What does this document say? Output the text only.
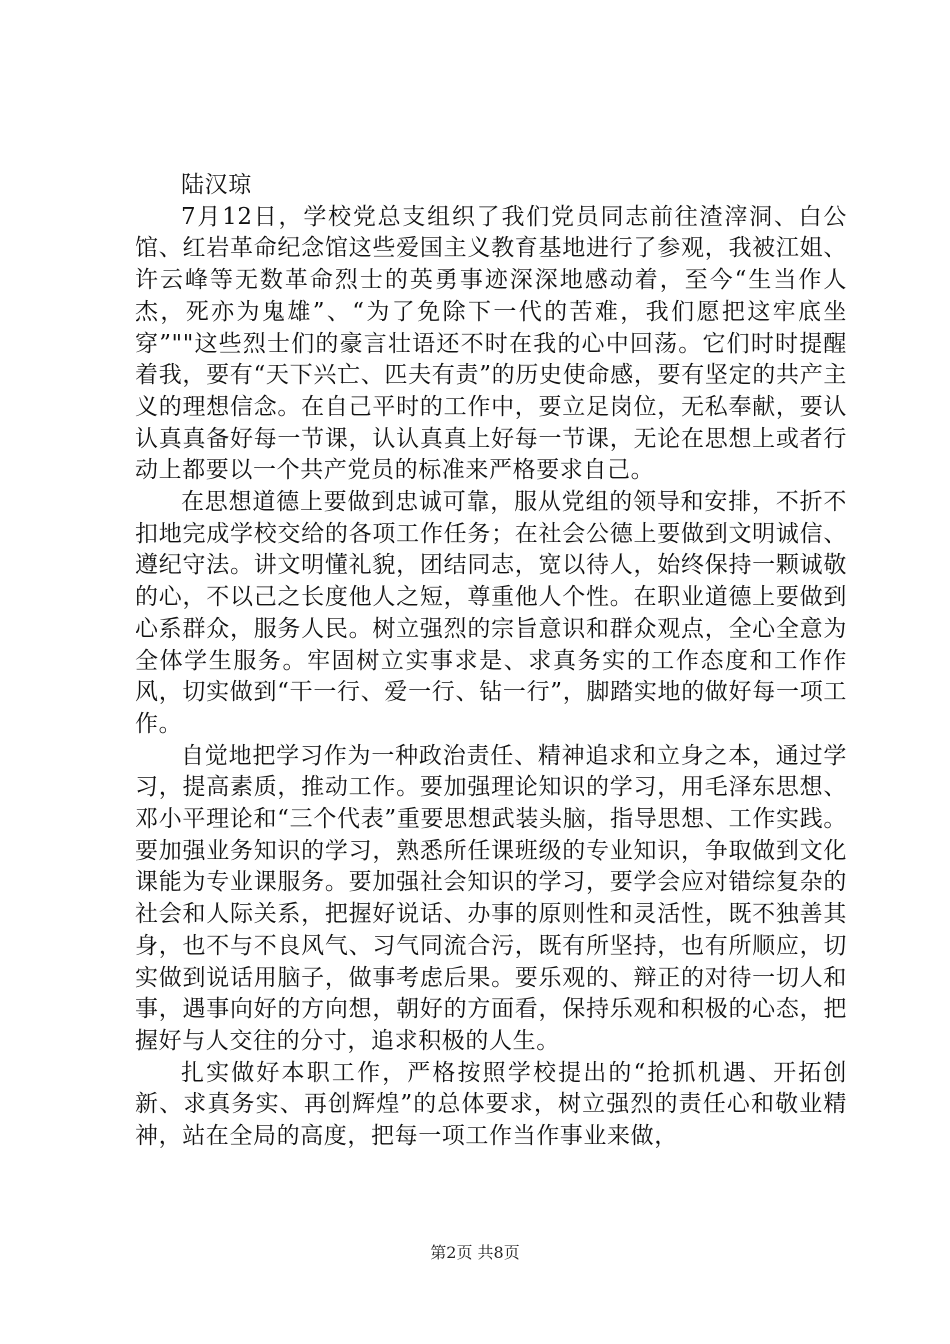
陆汉琼

7月12日，学校党总支组织了我们党员同志前往渣滓洞、白公馆、红岩革命纪念馆这些爱国主义教育基地进行了参观，我被江姐、许云峰等无数革命烈士的英勇事迹深深地感动着，至今“生当作人杰，死亦为鬼雄”、“为了免除下一代的苦难，我们愿把这牢底坐穿”""这些烈士们的豪言壮语还不时在我的心中回荡。它们时时提醒着我，要有“天下兴亡、匹夫有责”的历史使命感，要有坚定的共产主义的理想信念。在自己平时的工作中，要立足岗位，无私奉献，要认认真真备好每一节课，认认真真上好每一节课，无论在思想上或者行动上都要以一个共产党员的标准来严格要求自己。

在思想道德上要做到忠诚可靠，服从党组的领导和安排，不折不扣地完成学校交给的各项工作任务；在社会公德上要做到文明诚信、遵纪守法。讲文明懂礼貌，团结同志，宽以待人，始终保持一颗诚敬的心，不以己之长度他人之短，尊重他人个性。在职业道德上要做到心系群众，服务人民。树立强烈的宗旨意识和群众观点，全心全意为全体学生服务。牢固树立实事求是、求真务实的工作态度和工作作风，切实做到“干一行、爱一行、钻一行”，脚踏实地的做好每一项工作。

自觉地把学习作为一种政治责任、精神追求和立身之本，通过学习，提高素质，推动工作。要加强理论知识的学习，用毛泽东思想、邓小平理论和“三个代表”重要思想武装头脑，指导思想、工作实践。要加强业务知识的学习，熟悉所任课班级的专业知识，争取做到文化课能为专业课服务。要加强社会知识的学习，要学会应对错综复杂的社会和人际关系，把握好说话、办事的原则性和灵活性，既不独善其身，也不与不良风气、习气同流合污，既有所坚持，也有所顺应，切实做到说话用脑子，做事考虑后果。要乐观的、辩正的对待一切人和事，遇事向好的方向想，朝好的方面看，保持乐观和积极的心态，把握好与人交往的分寸，追求积极的人生。

扎实做好本职工作，严格按照学校提出的“抢抓机遇、开拓创新、求真务实、再创辉煌”的总体要求，树立强烈的责任心和敬业精神，站在全局的高度，把每一项工作当作事业来做，

第2页 共8页
